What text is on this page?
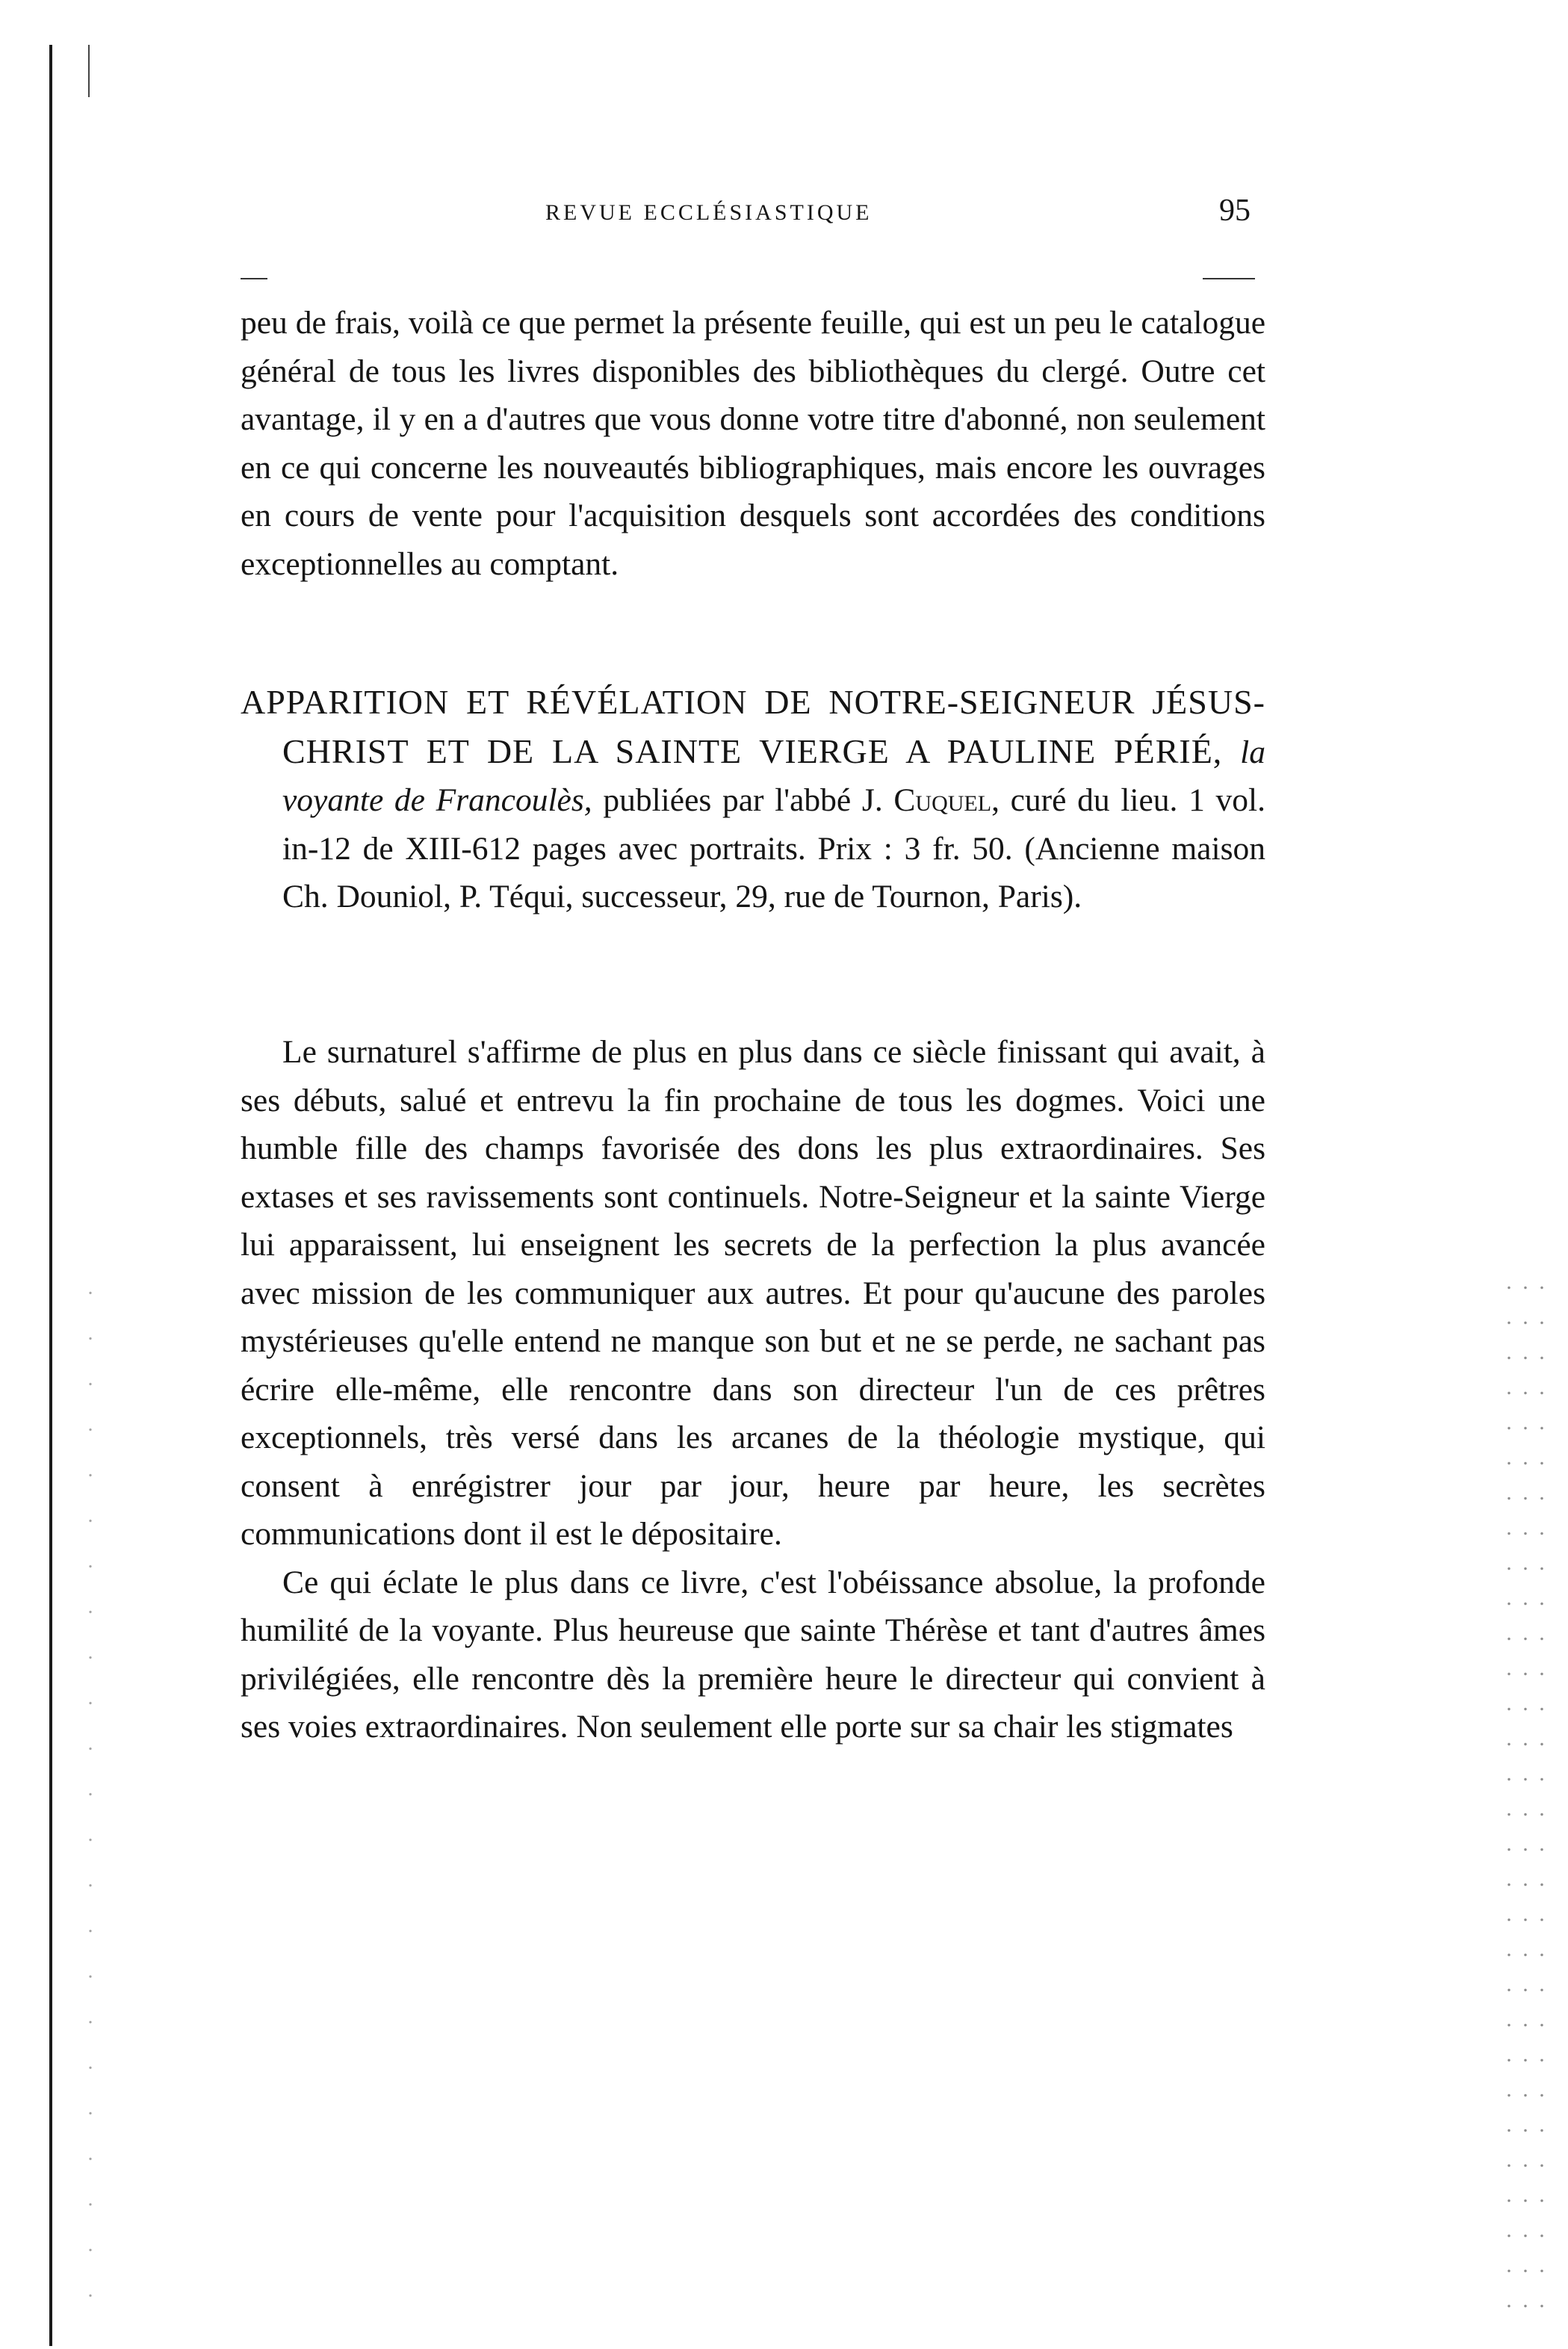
REVUE ECCLÉSIASTIQUE	95

peu de frais, voilà ce que permet la présente feuille, qui est un peu le catalogue général de tous les livres disponibles des bibliothèques du clergé. Outre cet avantage, il y en a d'autres que vous donne votre titre d'abonné, non seulement en ce qui concerne les nouveautés bibliographiques, mais encore les ouvrages en cours de vente pour l'acquisition desquels sont accordées des conditions exceptionnelles au comptant.

APPARITION ET RÉVÉLATION DE NOTRE-SEIGNEUR JÉSUS-CHRIST ET DE LA SAINTE VIERGE A PAULINE PÉRIÉ, la voyante de Francoulès, publiées par l'abbé J. Cuquel, curé du lieu. 1 vol. in-12 de XIII-612 pages avec portraits. Prix : 3 fr. 50. (Ancienne maison Ch. Douniol, P. Téqui, successeur, 29, rue de Tournon, Paris).

Le surnaturel s'affirme de plus en plus dans ce siècle finissant qui avait, à ses débuts, salué et entrevu la fin prochaine de tous les dogmes. Voici une humble fille des champs favorisée des dons les plus extraordinaires. Ses extases et ses ravissements sont continuels. Notre-Seigneur et la sainte Vierge lui apparaissent, lui enseignent les secrets de la perfection la plus avancée avec mission de les communiquer aux autres. Et pour qu'aucune des paroles mystérieuses qu'elle entend ne manque son but et ne se perde, ne sachant pas écrire elle-même, elle rencontre dans son directeur l'un de ces prêtres exceptionnels, très versé dans les arcanes de la théologie mystique, qui consent à enrégistrer jour par jour, heure par heure, les secrètes communications dont il est le dépositaire.

Ce qui éclate le plus dans ce livre, c'est l'obéissance absolue, la profonde humilité de la voyante. Plus heureuse que sainte Thérèse et tant d'autres âmes privilégiées, elle rencontre dès la première heure le directeur qui convient à ses voies extraordinaires. Non seulement elle porte sur sa chair les stigmates
